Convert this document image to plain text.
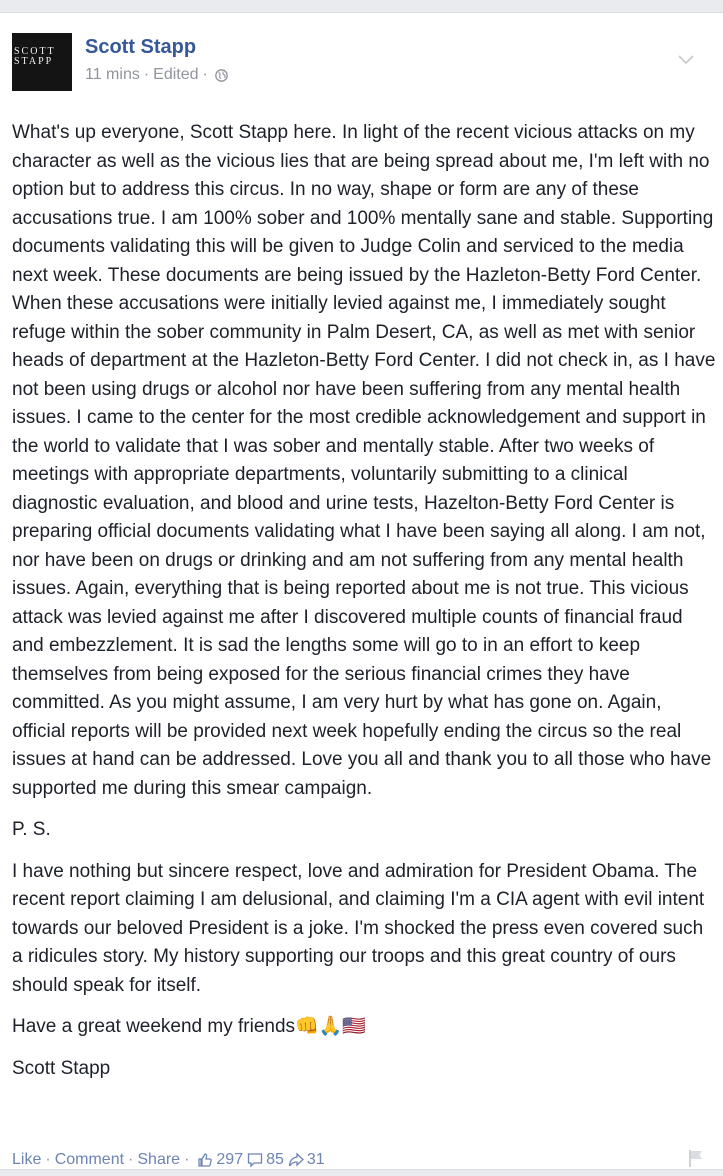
SCOTT
STAPP
Scott Stapp
11 mins · Edited ·

What's up everyone, Scott Stapp here. In light of the recent vicious attacks on my character as well as the vicious lies that are being spread about me, I'm left with no option but to address this circus. In no way, shape or form are any of these accusations true. I am 100% sober and 100% mentally sane and stable. Supporting documents validating this will be given to Judge Colin and serviced to the media next week. These documents are being issued by the Hazleton-Betty Ford Center. When these accusations were initially levied against me, I immediately sought refuge within the sober community in Palm Desert, CA, as well as met with senior heads of department at the Hazleton-Betty Ford Center. I did not check in, as I have not been using drugs or alcohol nor have been suffering from any mental health issues. I came to the center for the most credible acknowledgement and support in the world to validate that I was sober and mentally stable. After two weeks of meetings with appropriate departments, voluntarily submitting to a clinical diagnostic evaluation, and blood and urine tests, Hazelton-Betty Ford Center is preparing official documents validating what I have been saying all along. I am not, nor have been on drugs or drinking and am not suffering from any mental health issues. Again, everything that is being reported about me is not true. This vicious attack was levied against me after I discovered multiple counts of financial fraud and embezzlement. It is sad the lengths some will go to in an effort to keep themselves from being exposed for the serious financial crimes they have committed. As you might assume, I am very hurt by what has gone on. Again, official reports will be provided next week hopefully ending the circus so the real issues at hand can be addressed. Love you all and thank you to all those who have supported me during this smear campaign.

P. S.

I have nothing but sincere respect, love and admiration for President Obama. The recent report claiming I am delusional, and claiming I'm a CIA agent with evil intent towards our beloved President is a joke. I'm shocked the press even covered such a ridicules story. My history supporting our troops and this great country of ours should speak for itself.

Have a great weekend my friends👊🙏🇺🇸

Scott Stapp

Like · Comment · Share · 297 85 31
